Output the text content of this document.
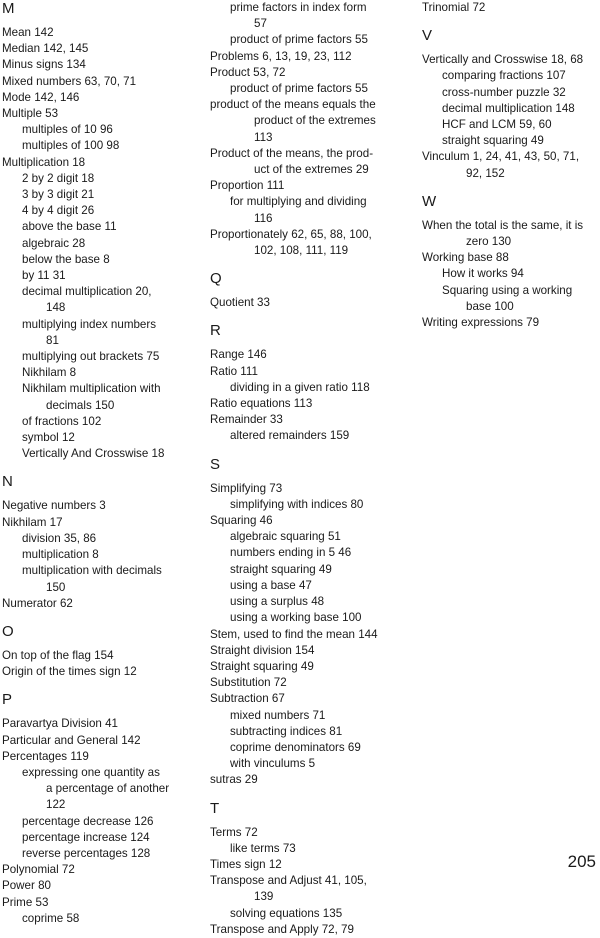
M
Mean 142
Median 142, 145
Minus signs 134
Mixed numbers 63, 70, 71
Mode 142, 146
Multiple 53
multiples of 10 96
multiples of 100 98
Multiplication 18
2 by 2 digit 18
3 by 3 digit 21
4 by 4 digit 26
above the base 11
algebraic 28
below the base 8
by 11 31
decimal multiplication 20,
148
multiplying index numbers
81
multiplying out brackets 75
Nikhilam 8
Nikhilam multiplication with
decimals 150
of fractions 102
symbol 12
Vertically And Crosswise 18
N
Negative numbers 3
Nikhilam 17
division 35, 86
multiplication 8
multiplication with decimals
150
Numerator 62
O
On top of the flag 154
Origin of the times sign 12
P
Paravartya Division 41
Particular and General 142
Percentages 119
expressing one quantity as
a percentage of another
122
percentage decrease 126
percentage increase 124
reverse percentages 128
Polynomial 72
Power 80
Prime 53
coprime 58
prime factors in index form
57
product of prime factors 55
Problems 6, 13, 19, 23, 112
Product 53, 72
product of prime factors 55
product of the means equals the
product of the extremes
113
Product of the means, the prod-
uct of the extremes 29
Proportion 111
for multiplying and dividing
116
Proportionately 62, 65, 88, 100,
102, 108, 111, 119
Q
Quotient 33
R
Range 146
Ratio 111
dividing in a given ratio 118
Ratio equations 113
Remainder 33
altered remainders 159
S
Simplifying 73
simplifying with indices 80
Squaring 46
algebraic squaring 51
numbers ending in 5 46
straight squaring 49
using a base 47
using a surplus 48
using a working base 100
Stem, used to find the mean 144
Straight division 154
Straight squaring 49
Substitution 72
Subtraction 67
mixed numbers 71
subtracting indices 81
coprime denominators 69
with vinculums 5
sutras 29
T
Terms 72
like terms 73
Times sign 12
Transpose and Adjust 41, 105,
139
solving equations 135
Transpose and Apply 72, 79
Trinomial 72
V
Vertically and Crosswise 18, 68
comparing fractions 107
cross-number puzzle 32
decimal multiplication 148
HCF and LCM 59, 60
straight squaring 49
Vinculum 1, 24, 41, 43, 50, 71,
92, 152
W
When the total is the same, it is
zero 130
Working base 88
How it works 94
Squaring using a working
base 100
Writing expressions 79
205
